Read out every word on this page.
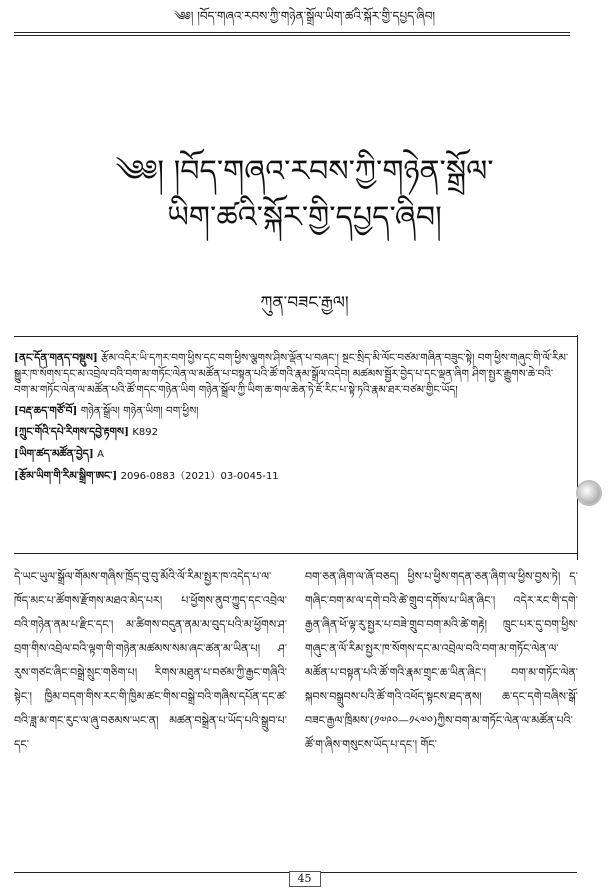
༄༅། །བོད་གཞའ་རབས་ཀྱི་གཉེན་སྒྲོལ་ཡིག་ཚའི་སྐོར་གྱི་དཔྱད་ཞིབ།
༄༅། །བོད་གཞའ་རབས་ཀྱི་གཉེན་སྒྲོལ་
ཡིག་ཚའི་སྐོར་གྱི་དཔྱད་ཞིབ།
ཀུན་བཟང་རྒྱལ།
[ནང་དོན་གནད་བསྡུས] རྩོམ་འདིར་ཡི་དཀར་བག་ཕྱིས་དང་བག་ཕྱིས་ལྕགས་ཤིས་ལྡོན་པ་བཞང་། སྔང་སྲིད་མི་ལོང་བཙམ་གཞིན་བཟུང་སྟེ། བག་ཕྱིས་གཞུང་གི་ལོ་རིམ་སྒྱུར་ཁ་སོགས་དང་མ་འབྲེལ་བའི་བག་མ་གཏོང་ལེན་ལ་མཚོན་པ་བསྟན་པའི་ཚོ་གའི་རྣམ་སྒྲོལ་འདེབ། མཚམས་སྦྱོར་བྱེད་པ་དང་ལྡན་ཞིག ཤིག་སྤྱར་རྒྱུགས་ཆེ་བའི་བག་མ་གཏོང་ལེན་ལ་མཚོན་པའི་ཚོ་གདང་གཉེན་ཡིག གཉེན་སྒྲོལ་ཀྱི་ཡིག་ཆ་གལ་ཆེན་ཏེ་ཇོ་རིང་པ་སྟེ་ཏའི་རྣམ་ཐར་བཙམ་གྱིང་ཡོད།
[བརྡ་ཆད་གཙོ་བོ] གཉེན་སྒྲོལ། གཉེན་ཡིག། བག་ཕྱིས།
[ཀྲུང་གོའི་དཔེ་རིགས་དབྱེ་རྟགས] K892
[ཡིག་ཚད་མཚོན་བྱེད] A
[རྩོམ་ཡིག་གི་རིམ་སྒྲིག་ཨང་] 2096-0883（2021）03-0045-11
དེ་ཡང་ཡུལ་སྒྲོལ་གོམས་གཞིས་ཁྲོད་བུ་བུ་མོའི་ལོ་རིམ་སྤྱར་ཁ་འདེད་པ་ལ་ཁོད་མང་པ་ཚོགས་རྫོགས་མཐའ་མེད་པར། པ་ཕྱོགས་ནུབ་ཀྱུད་དང་འབྲེལ་བའི་གཉེན་ནམ་པ་རྫིང་དང་། མ་ཚིགས་བདུན་ནམ་མ་བུད་པའི་མ་ཕྱོགས་ཤ་བྲག་གིས་འབྲེལ་བའི་ལྟག་གི་གཉེན་མཚམས་སམ་ཞང་ཚན་མ་ཡིན་པ། ཤ་རུས་གཙང་ཞིང་བསྒྲེ་སྲུང་གཅིག་པ། རིགས་མཐུན་པ་བཙམ་ཀྱི་རྒྱང་གཞིའི་སྟེང་། ཁྱིམ་བདག་གིས་རང་གི་ཁྱིམ་ཚང་གིས་བསྒྲེ་བའི་གཞིས་དཔོན་དང་ཚ་བའི་ཟླ་མ་གང་རུང་ལ་ཞུ་བཅམས་ཡང་ན། མཚན་བསྒྲེན་པ་ཡོད་པའི་སྒྲུབ་པ་དང་
བག་ཅན་ཞིག་ལ་ཞོ་བཅད། ཕྱིས་པ་ཕྱིས་གདན་ཅན་ཞིག་ལ་ཕྱིས་བྱས་ཏེ། ད་གཞིང་བག་མ་ལ་དགེ་བའི་ཚེ་གྲུབ་དགོས་པ་ཡིན་ཞིང་། འདེར་རང་གི་དགེ་རྒྱན་ཞིན་ཕོ་ལྟ་རུ་སྤྱར་པ་བཟེ་གྲུབ་བག་མའི་ཚེ་གརྟེ། ཁྲུང་པར་དུ་བག་ཕྱིས་གཞུང་ན་ལོ་རིམ་སྤྱར་ཁ་སོགས་དང་མ་འབྲེལ་བའི་བག་མ་གཏོང་ལེན་ལ་མཚོན་པ་བསྟན་པའི་ཚོ་གའི་རྣམ་གྲྭང་ཆ་ཡིན་ཞིང་། བག་མ་གཏོང་ལེན་སྐབས་བསྒྲུབས་པའི་ཚོ་གའི་འཕོད་སྟངས་ཐད་ནས། ཆ་དང་དགེ་བཞིས་སྒོ་བཟང་རྒྱལ་ཁྲིམས་(༡༧༩༠—༡༨༧༠)ཀྱིས་བག་མ་གཏོང་ལེན་ལ་མཚོན་པའི་ཚོ་ག་ཞིས་གསུངས་ཡོད་པ་དང་། གོང་
45
